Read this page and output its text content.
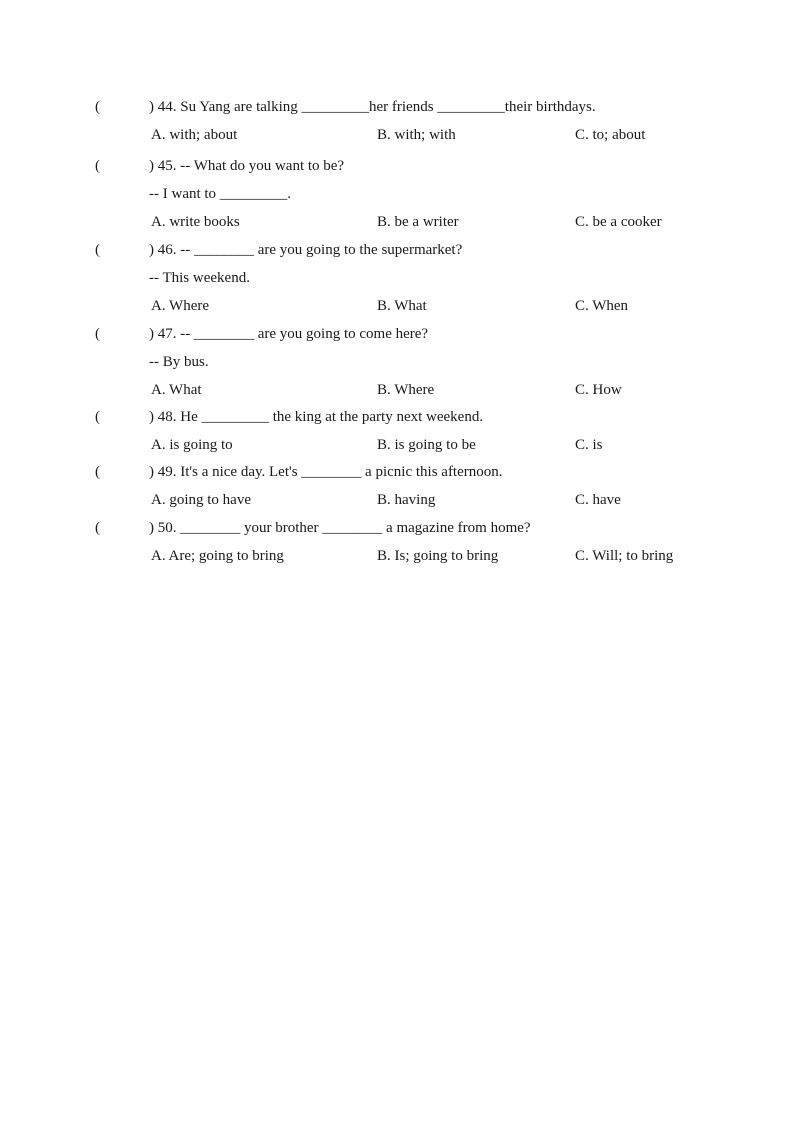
(	) 44. Su Yang are talking _________her friends _________their birthdays.
A. with; about	B. with; with	C. to; about
(	) 45. -- What do you want to be?
-- I want to _________.
A. write books	B. be a writer	C. be a cooker
(	) 46. -- ________ are you going to the supermarket?
-- This weekend.
A. Where	B. What	C. When
(	) 47. -- ________ are you going to come here?
-- By bus.
A. What	B. Where	C. How
(	) 48. He _________ the king at the party next weekend.
A. is going to	B. is going to be	C. is
(	) 49. It's a nice day. Let's ________ a picnic this afternoon.
A. going to have	B. having	C. have
(	) 50. ________ your brother ________ a magazine from home?
A. Are; going to bring	B. Is; going to bring	C. Will; to bring
